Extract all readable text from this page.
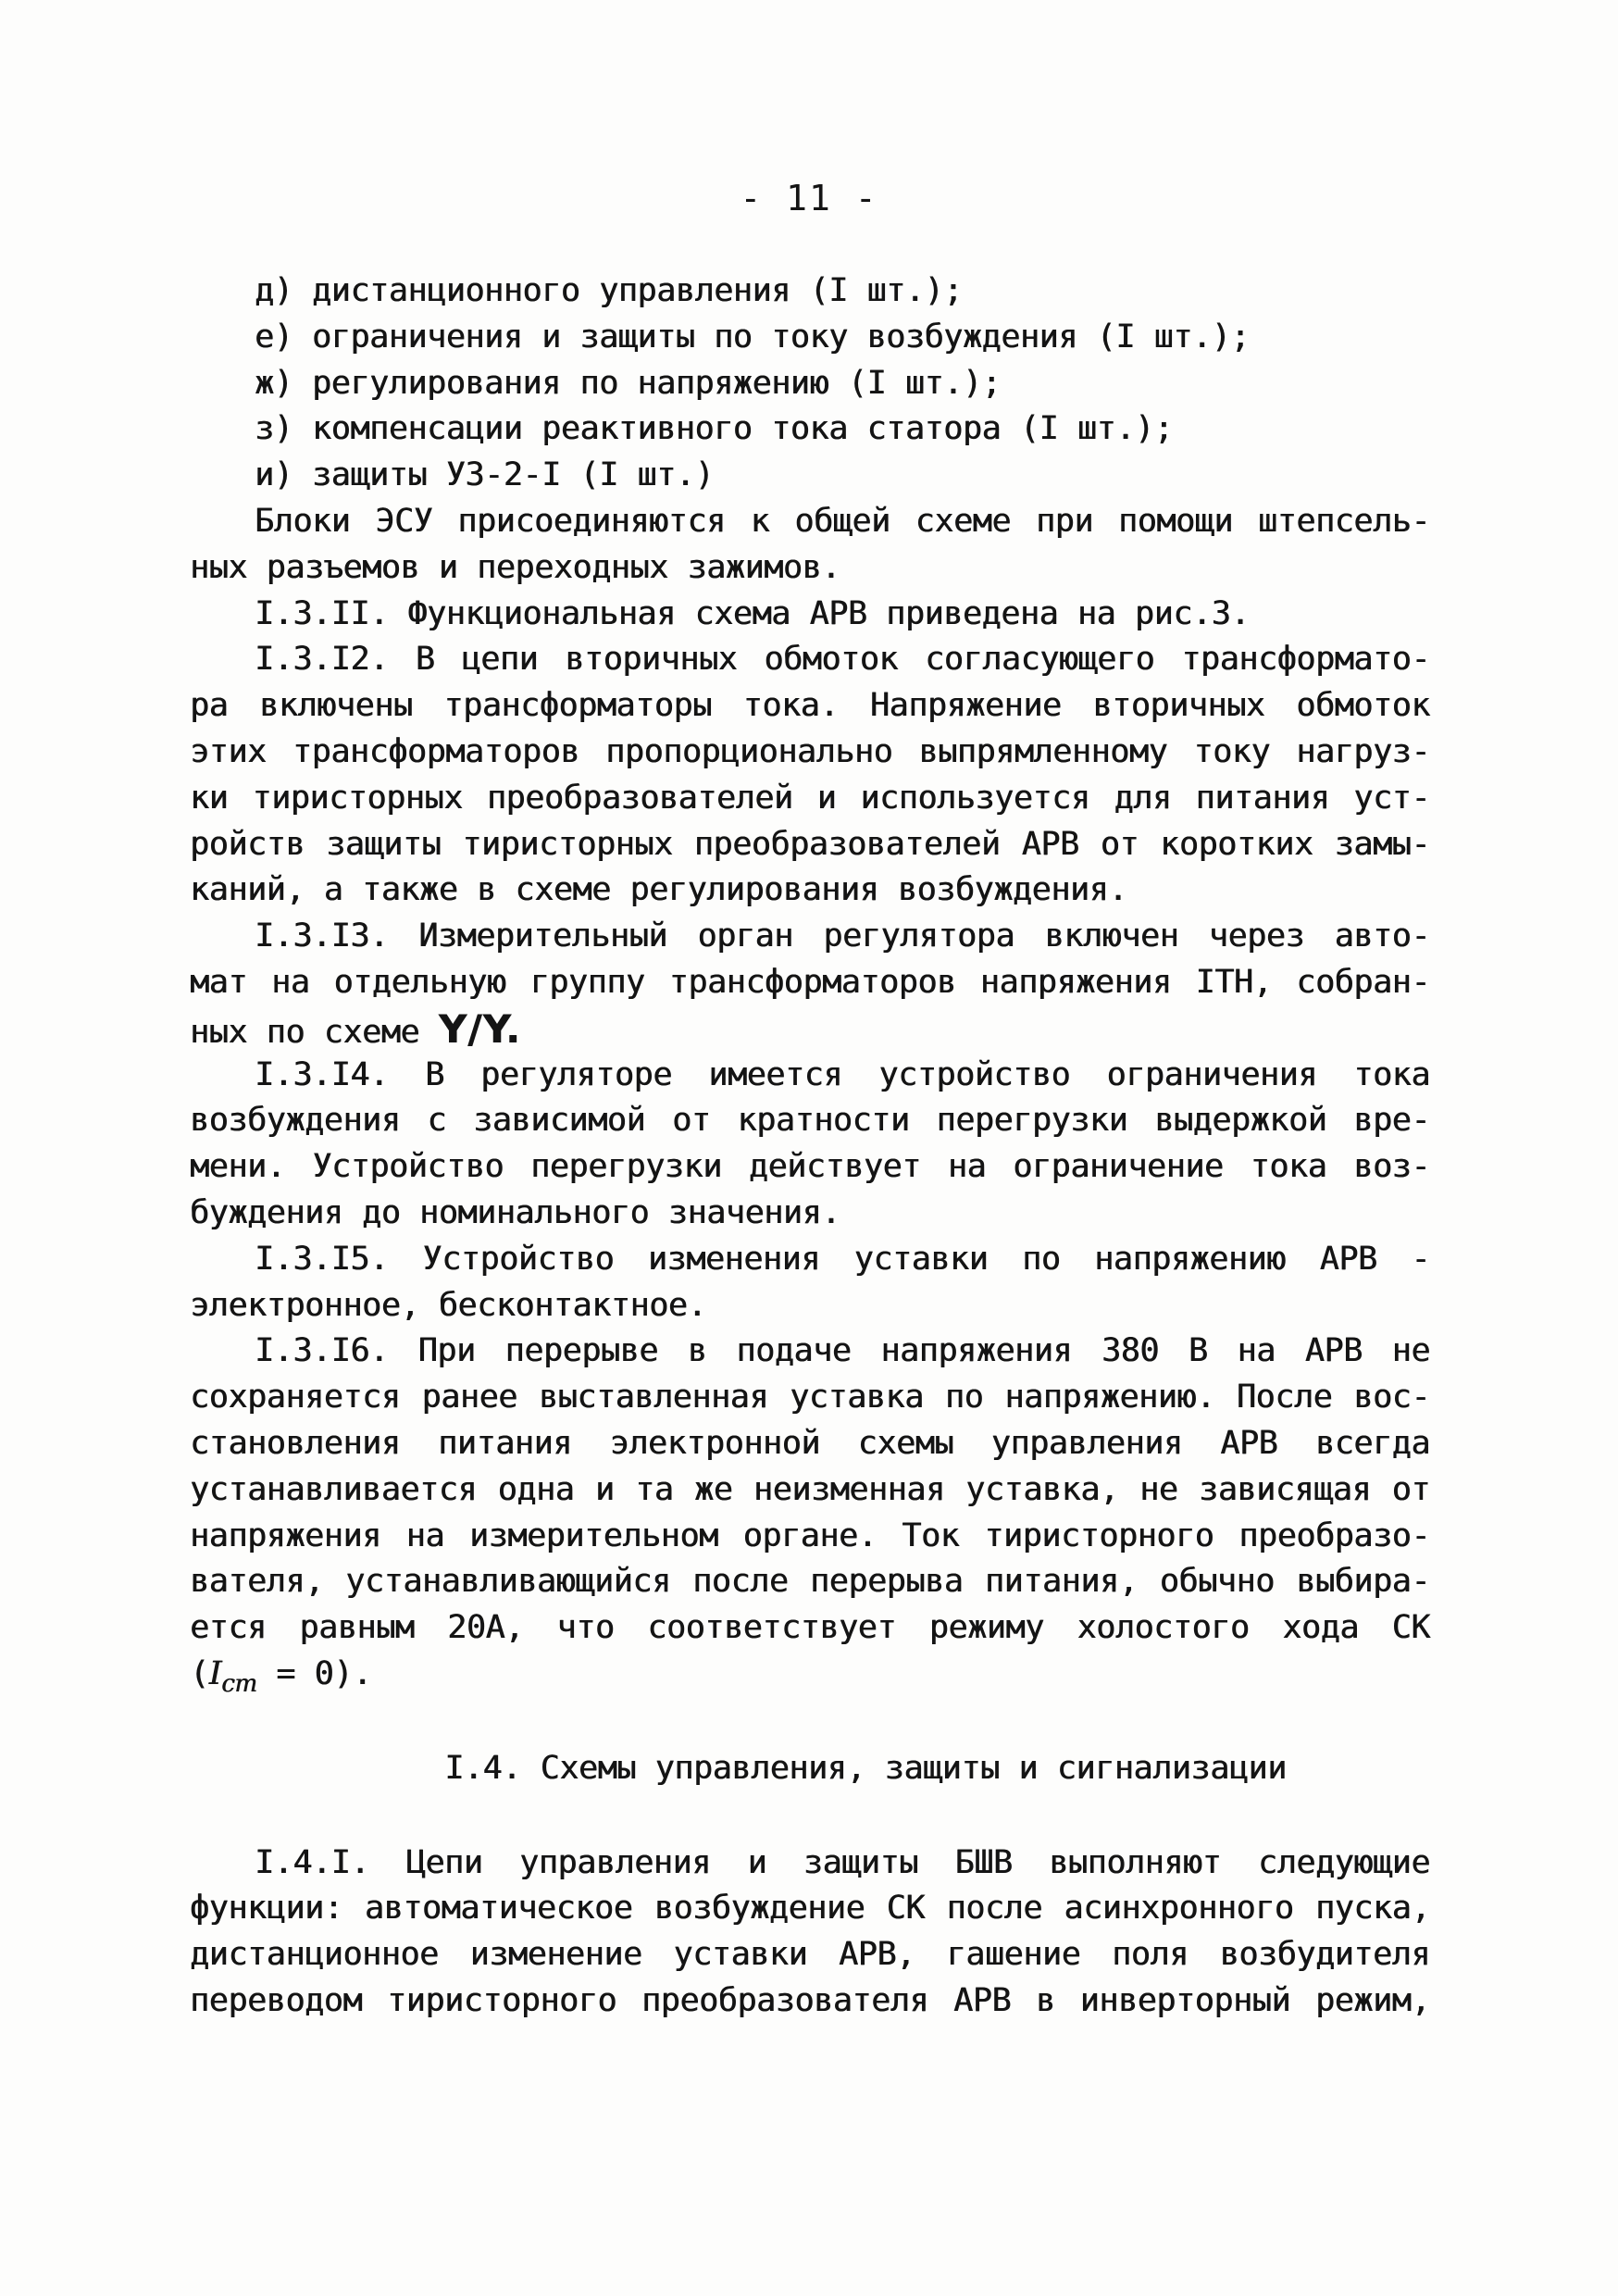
- 11 -
д) дистанционного управления (I шт.);
е) ограничения и защиты по току возбуждения (I шт.);
ж) регулирования по напряжению (I шт.);
з) компенсации реактивного тока статора (I шт.);
и) защиты УЗ-2-I (I шт.)
Блоки ЭСУ присоединяются к общей схеме при помощи штепсель-
ных разъемов и переходных зажимов.
I.3.II. Функциональная схема АРВ приведена на рис.3.
I.3.I2. В цепи вторичных обмоток согласующего трансформато-
ра включены трансформаторы тока. Напряжение вторичных обмоток
этих трансформаторов пропорционально выпрямленному току нагруз-
ки тиристорных преобразователей и используется для питания уст-
ройств защиты тиристорных преобразователей АРВ от коротких замы-
каний, а также в схеме регулирования возбуждения.
I.3.I3. Измерительный орган регулятора включен через авто-
мат на отдельную группу трансформаторов напряжения IТН, собран-
ных по схеме Y/Y.
I.3.I4. В регуляторе имеется устройство ограничения тока
возбуждения с зависимой от кратности перегрузки выдержкой вре-
мени. Устройство перегрузки действует на ограничение тока воз-
буждения до номинального значения.
I.3.I5. Устройство изменения уставки по напряжению АРВ -
электронное, бесконтактное.
I.3.I6. При перерыве в подаче напряжения 380 В на АРВ не
сохраняется ранее выставленная уставка по напряжению. После вос-
становления питания электронной схемы управления АРВ всегда
устанавливается одна и та же неизменная уставка, не зависящая от
напряжения на измерительном органе. Ток тиристорного преобразо-
вателя, устанавливающийся после перерыва питания, обычно выбира-
ется равным 20А, что соответствует режиму холостого хода СК
$(I_{ст} = 0)$.
I.4. Схемы управления, защиты и сигнализации
I.4.I. Цепи управления и защиты БШВ выполняют следующие
функции: автоматическое возбуждение СК после асинхронного пуска,
дистанционное изменение уставки АРВ, гашение поля возбудителя
переводом тиристорного преобразователя АРВ в инверторный режим,
